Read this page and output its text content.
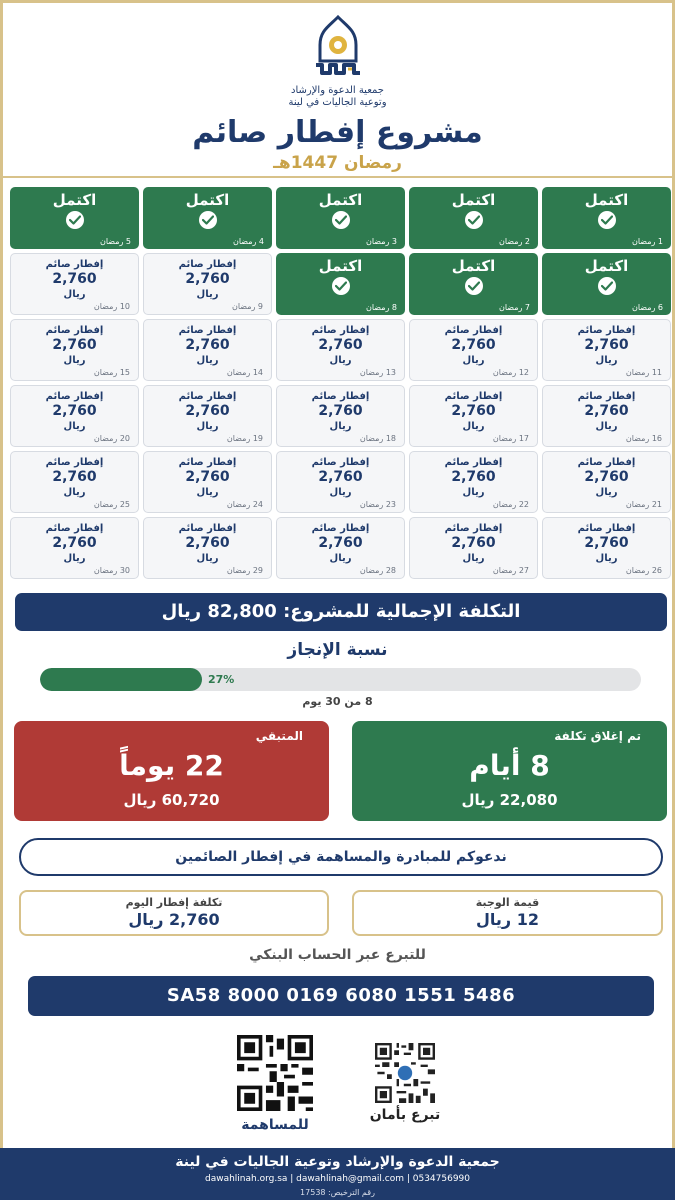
جمعية الدعوة والإرشاد
وتوعية الجاليات في لينة
مشروع إفطار صائم
رمضان 1447هـ
اكتمل
1 رمضان
اكتمل
2 رمضان
اكتمل
3 رمضان
اكتمل
4 رمضان
اكتمل
5 رمضان
اكتمل
6 رمضان
اكتمل
7 رمضان
اكتمل
8 رمضان
إفطار صائم
2,760
ريال
9 رمضان
إفطار صائم
2,760
ريال
10 رمضان
إفطار صائم
2,760
ريال
11 رمضان
إفطار صائم
2,760
ريال
12 رمضان
إفطار صائم
2,760
ريال
13 رمضان
إفطار صائم
2,760
ريال
14 رمضان
إفطار صائم
2,760
ريال
15 رمضان
إفطار صائم
2,760
ريال
16 رمضان
إفطار صائم
2,760
ريال
17 رمضان
إفطار صائم
2,760
ريال
18 رمضان
إفطار صائم
2,760
ريال
19 رمضان
إفطار صائم
2,760
ريال
20 رمضان
إفطار صائم
2,760
ريال
21 رمضان
إفطار صائم
2,760
ريال
22 رمضان
إفطار صائم
2,760
ريال
23 رمضان
إفطار صائم
2,760
ريال
24 رمضان
إفطار صائم
2,760
ريال
25 رمضان
إفطار صائم
2,760
ريال
26 رمضان
إفطار صائم
2,760
ريال
27 رمضان
إفطار صائم
2,760
ريال
28 رمضان
إفطار صائم
2,760
ريال
29 رمضان
إفطار صائم
2,760
ريال
30 رمضان
التكلفة الإجمالية للمشروع: 82,800 ريال
نسبة الإنجاز
27%
8 من 30 يوم
تم إغلاق تكلفة
8 أيام
22,080 ريال
المتبقي
22 يوماً
60,720 ريال
ندعوكم للمبادرة والمساهمة في إفطار الصائمين
قيمة الوجبة
12 ريال
تكلفة إفطار اليوم
2,760 ريال
للتبرع عبر الحساب البنكي
SA58 8000 0169 6080 1551 5486
للمساهمة
تبرع بأمان
جمعية الدعوة والإرشاد وتوعية الجاليات في لينة
dawahlinah.org.sa | dawahlinah@gmail.com | 0534756990
رقم الترخيص: 17538
